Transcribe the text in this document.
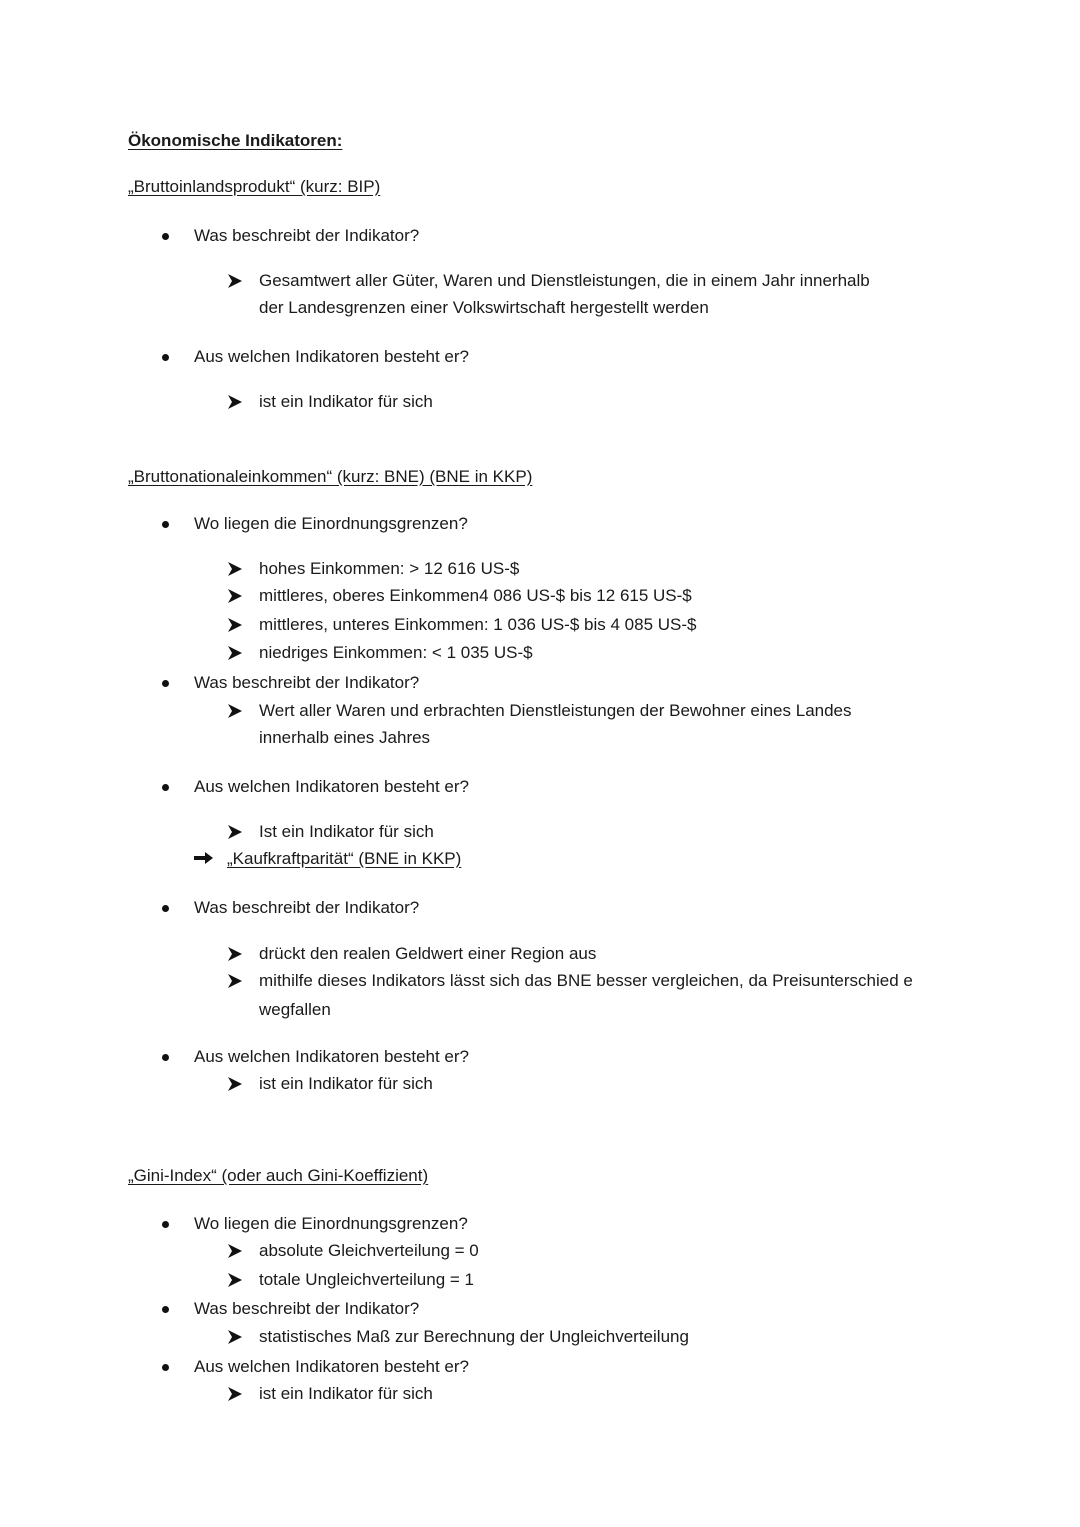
Ökonomische Indikatoren:
„Bruttoinlandsprodukt“ (kurz: BIP)
Was beschreibt der Indikator?
Gesamtwert aller Güter, Waren und Dienstleistungen, die in einem Jahr innerhalb
der Landesgrenzen einer Volkswirtschaft hergestellt werden
Aus welchen Indikatoren besteht er?
ist ein Indikator für sich
„Bruttonationaleinkommen“ (kurz: BNE) (BNE in KKP)
Wo liegen die Einordnungsgrenzen?
hohes Einkommen: > 12 616 US-$
mittleres, oberes Einkommen4 086 US-$ bis 12 615 US-$
mittleres, unteres Einkommen: 1 036 US-$ bis 4 085 US-$
niedriges Einkommen: < 1 035 US-$
Was beschreibt der Indikator?
Wert aller Waren und erbrachten Dienstleistungen der Bewohner eines Landes
innerhalb eines Jahres
Aus welchen Indikatoren besteht er?
Ist ein Indikator für sich
„Kaufkraftparität“ (BNE in KKP)
Was beschreibt der Indikator?
drückt den realen Geldwert einer Region aus
mithilfe dieses Indikators lässt sich das BNE besser vergleichen, da Preisunterschied e
wegfallen
Aus welchen Indikatoren besteht er?
ist ein Indikator für sich
„Gini-Index“ (oder auch Gini-Koeffizient)
Wo liegen die Einordnungsgrenzen?
absolute Gleichverteilung = 0
totale Ungleichverteilung = 1
Was beschreibt der Indikator?
statistisches Maß zur Berechnung der Ungleichverteilung
Aus welchen Indikatoren besteht er?
ist ein Indikator für sich
